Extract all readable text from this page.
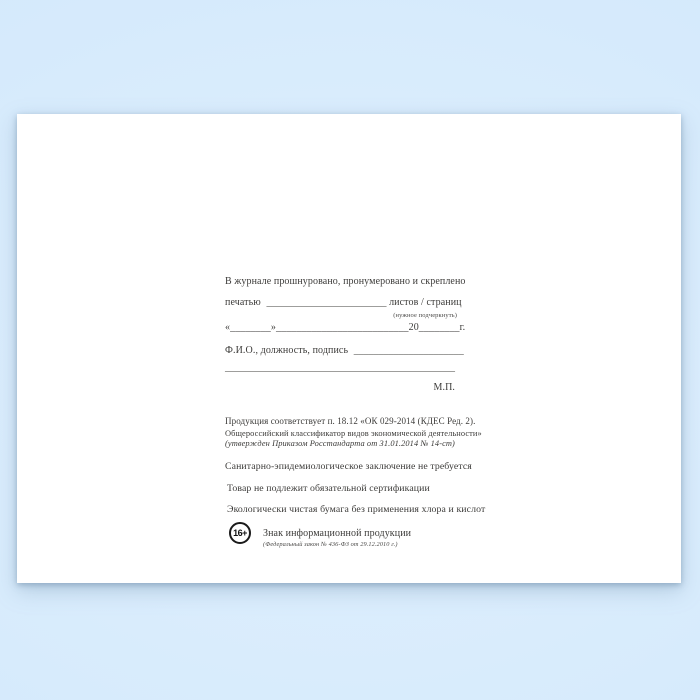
В журнале прошнуровано, пронумеровано и скреплено
печатью ________________________ листов / страниц
(нужное подчеркнуть)
«________»__________________________20________г.
Ф.И.О., должность, подпись ______________________
______________________________________________
М.П.
Продукция соответствует п. 18.12 «ОК 029-2014 (КДЕС Ред. 2).
Общероссийский классификатор видов экономической деятельности»
(утвержден Приказом Росстандарта от 31.01.2014 № 14-ст)
Санитарно-эпидемиологическое заключение не требуется
Товар не подлежит обязательной сертификации
Экологически чистая бумага без применения хлора и кислот
16+	Знак информационной продукции
(Федеральный закон № 436-ФЗ от 29.12.2010 г.)
